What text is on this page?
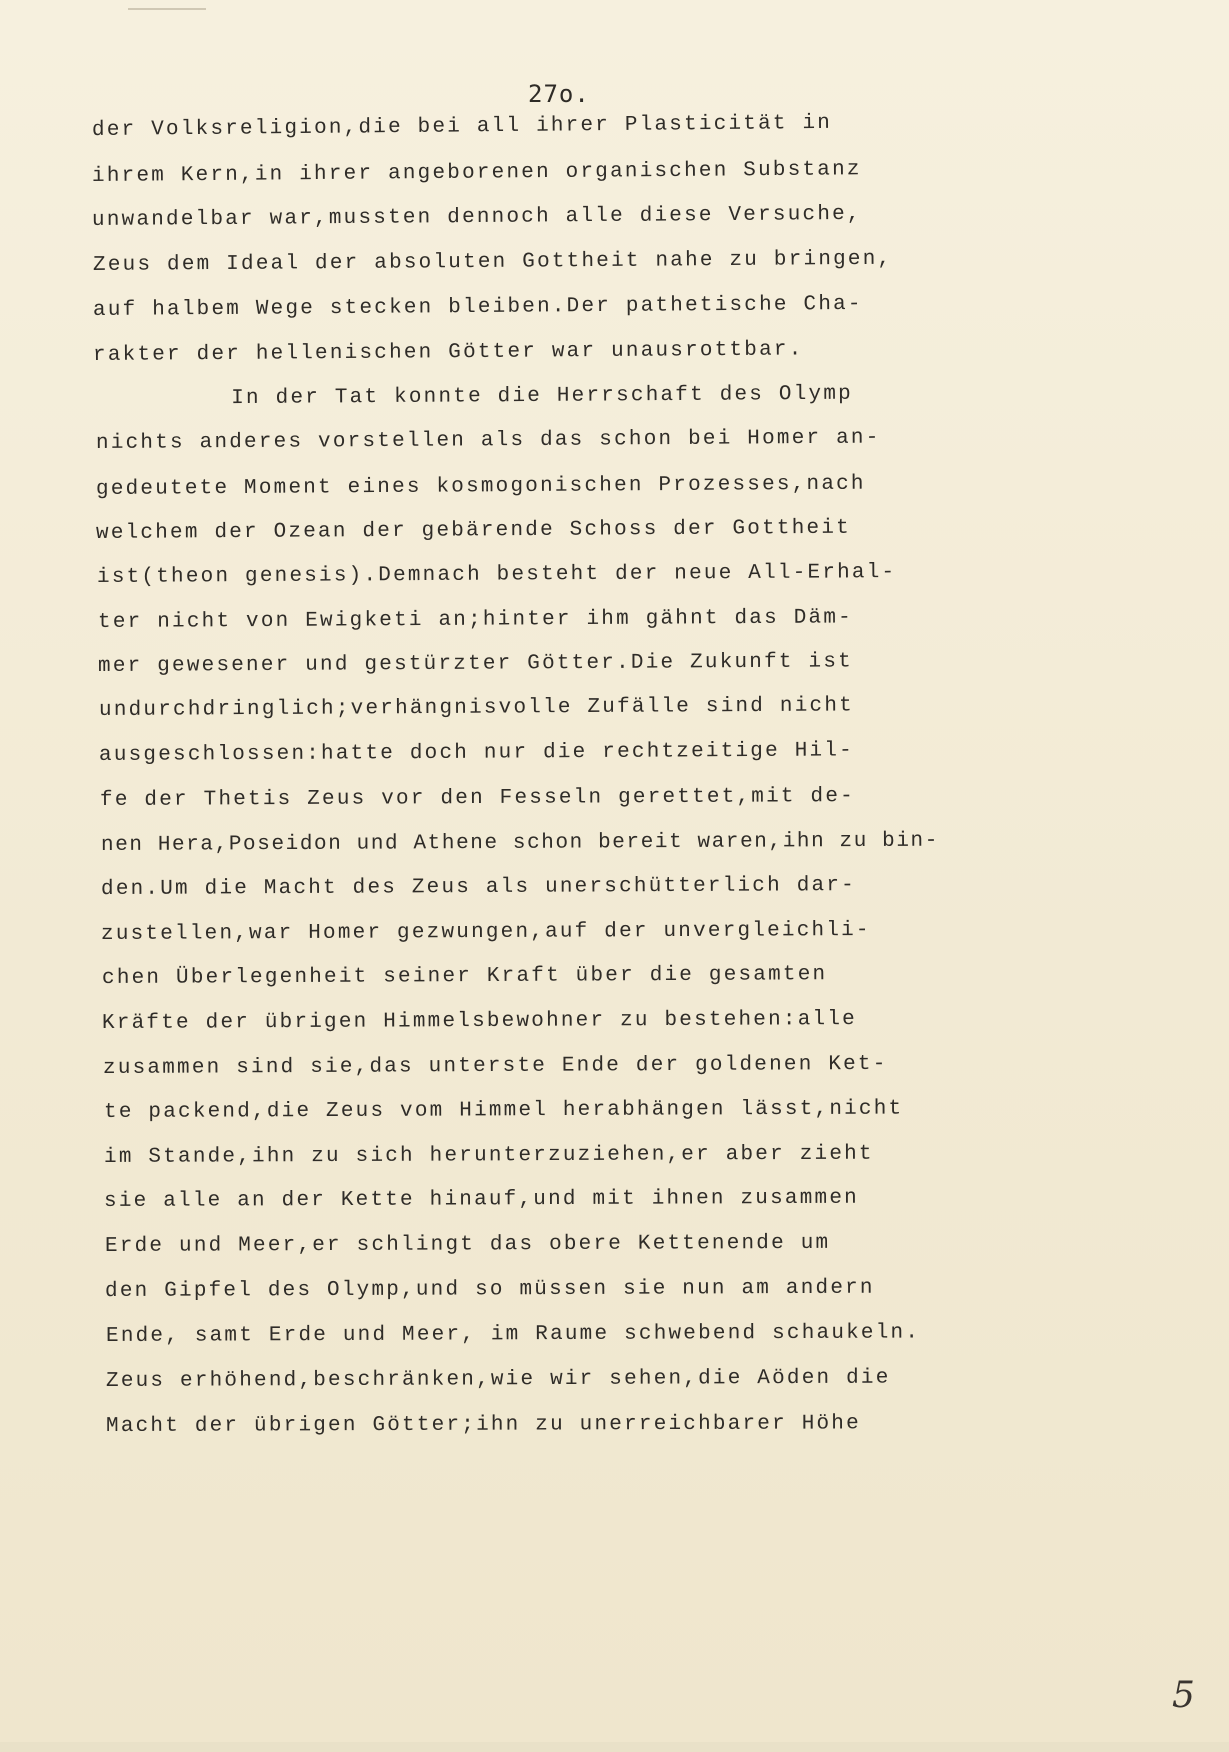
27o.
der Volksreligion,die bei all ihrer Plasticität in
ihrem Kern,in ihrer angeborenen organischen Substanz
unwandelbar war,mussten dennoch alle diese Versuche,
Zeus dem Ideal der absoluten Gottheit nahe zu bringen,
auf halbem Wege stecken bleiben.Der pathetische Cha-
rakter der hellenischen Götter war unausrottbar.
In der Tat konnte die Herrschaft des Olymp
nichts anderes vorstellen als das schon bei Homer an-
gedeutete Moment eines kosmogonischen Prozesses,nach
welchem der Ozean der gebärende Schoss der Gottheit
ist(theon genesis).Demnach besteht der neue All-Erhal-
ter nicht von Ewigketi an;hinter ihm gähnt das Däm-
mer gewesener und gestürzter Götter.Die Zukunft ist
undurchdringlich;verhängnisvolle Zufälle sind nicht
ausgeschlossen:hatte doch nur die rechtzeitige Hil-
fe der Thetis Zeus vor den Fesseln gerettet,mit de-
nen Hera,Poseidon und Athene schon bereit waren,ihn zu bin-
den.Um die Macht des Zeus als unerschütterlich dar-
zustellen,war Homer gezwungen,auf der unvergleichli-
chen Überlegenheit seiner Kraft über die gesamten
Kräfte der übrigen Himmelsbewohner zu bestehen:alle
zusammen sind sie,das unterste Ende der goldenen Ket-
te packend,die Zeus vom Himmel herabhängen lässt,nicht
im Stande,ihn zu sich herunterzuziehen,er aber zieht
sie alle an der Kette hinauf,und mit ihnen zusammen
Erde und Meer,er schlingt das obere Kettenende um
den Gipfel des Olymp,und so müssen sie nun am andern
Ende, samt Erde und Meer, im Raume schwebend schaukeln.
Zeus erhöhend,beschränken,wie wir sehen,die Aöden die
Macht der übrigen Götter;ihn zu unerreichbarer Höhe
5
